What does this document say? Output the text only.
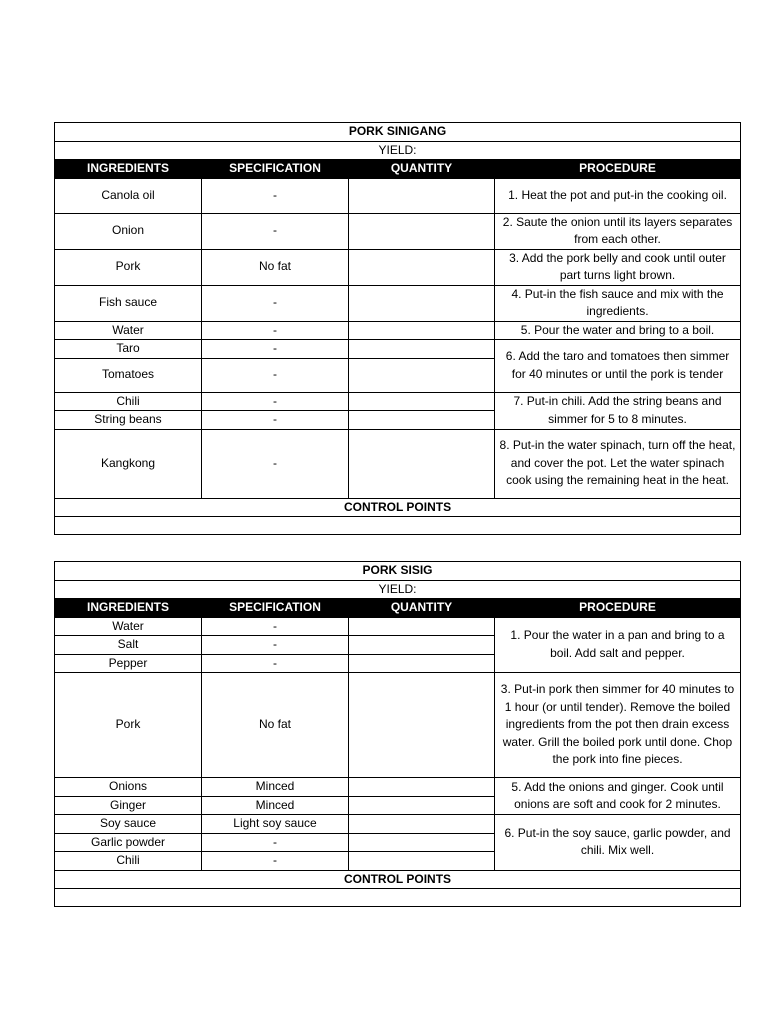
PORK SINIGANG			
YIELD:			
INGREDIENTS	SPECIFICATION	QUANTITY	PROCEDURE
Canola oil	-		1. Heat the pot and put-in the cooking oil.
Onion	-		2. Saute the onion until its layers separates from each other.
Pork	No fat		3. Add the pork belly and cook until outer part turns light brown.
Fish sauce	-		4. Put-in the fish sauce and mix with the ingredients.
Water	-		5. Pour the water and bring to a boil.
Taro	-		6. Add the taro and tomatoes then simmer for 40 minutes or until the pork is tender
Tomatoes	-		
Chili	-		7. Put-in chili. Add the string beans and simmer for 5 to 8 minutes.
String beans	-		
Kangkong	-		8. Put-in the water spinach, turn off the heat, and cover the pot. Let the water spinach cook using the remaining heat in the heat.
CONTROL POINTS			

PORK SISIG			
YIELD:			
INGREDIENTS	SPECIFICATION	QUANTITY	PROCEDURE
Water	-		1. Pour the water in a pan and bring to a boil. Add salt and pepper.
Salt	-		
Pepper	-		
Pork	No fat		3. Put-in pork then simmer for 40 minutes to 1 hour (or until tender). Remove the boiled ingredients from the pot then drain excess water. Grill the boiled pork until done. Chop the pork into fine pieces.
Onions	Minced		5. Add the onions and ginger. Cook until onions are soft and cook for 2 minutes.
Ginger	Minced		
Soy sauce	Light soy sauce		6. Put-in the soy sauce, garlic powder, and chili. Mix well.
Garlic powder	-		
Chili	-		
CONTROL POINTS			
